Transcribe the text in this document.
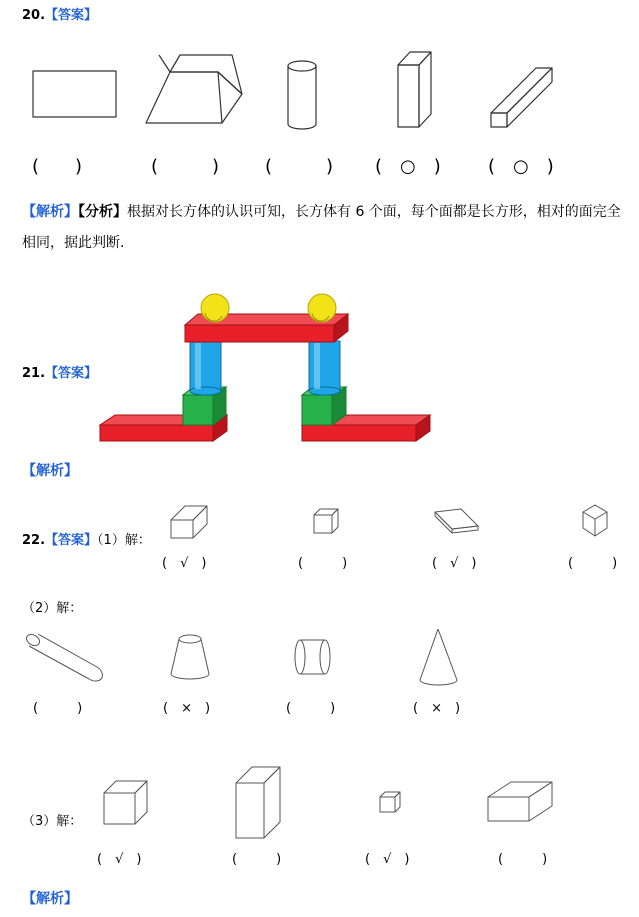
20.【答案】
(　　)	(　　　)	(　　　) (　○　)	(　○　)
【解析】【分析】根据对长方体的认识可知，长方体有 6 个面，每个面都是长方形，相对的面完全
相同，据此判断.
21.【答案】
【解析】
22.【答案】（1）解：
(　√　)	(　　　)	(　√　)	(　　　)
（2）解：
(　　　)	(　×　)	(　　　)	(　×　)
（3）解：
(　√　)	(　　　)	(　√　)	(　　　)
【解析】
